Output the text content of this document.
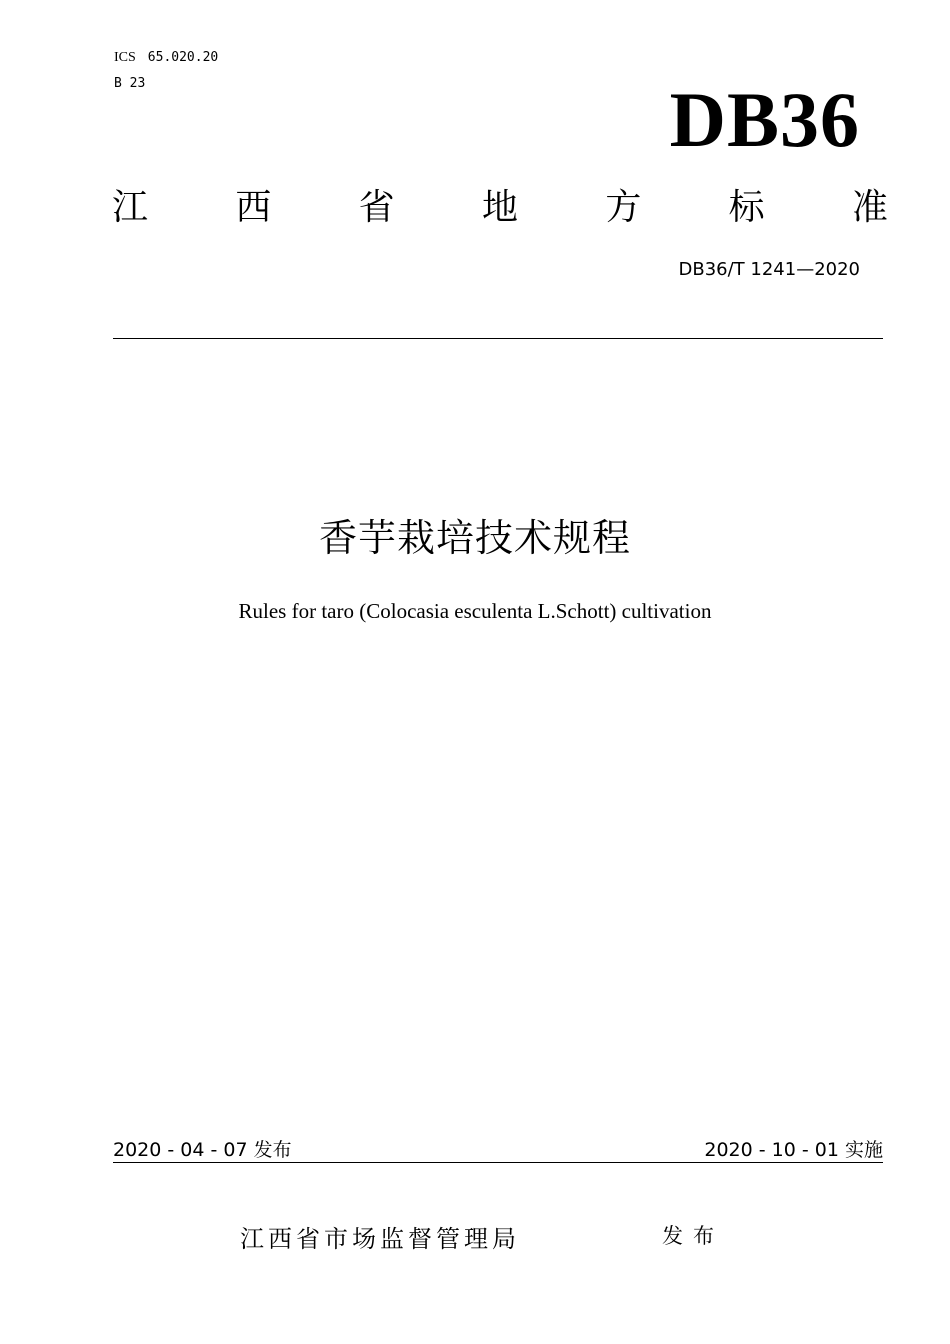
ICS 65.020.20
B 23	DB36
江 西 省 地 方 标 准
DB36/T 1241—2020
香芋栽培技术规程
Rules for taro (Colocasia esculenta L.Schott) cultivation
2020 - 04 - 07 发布	2020 - 10 - 01 实施
江西省市场监督管理局	发布
